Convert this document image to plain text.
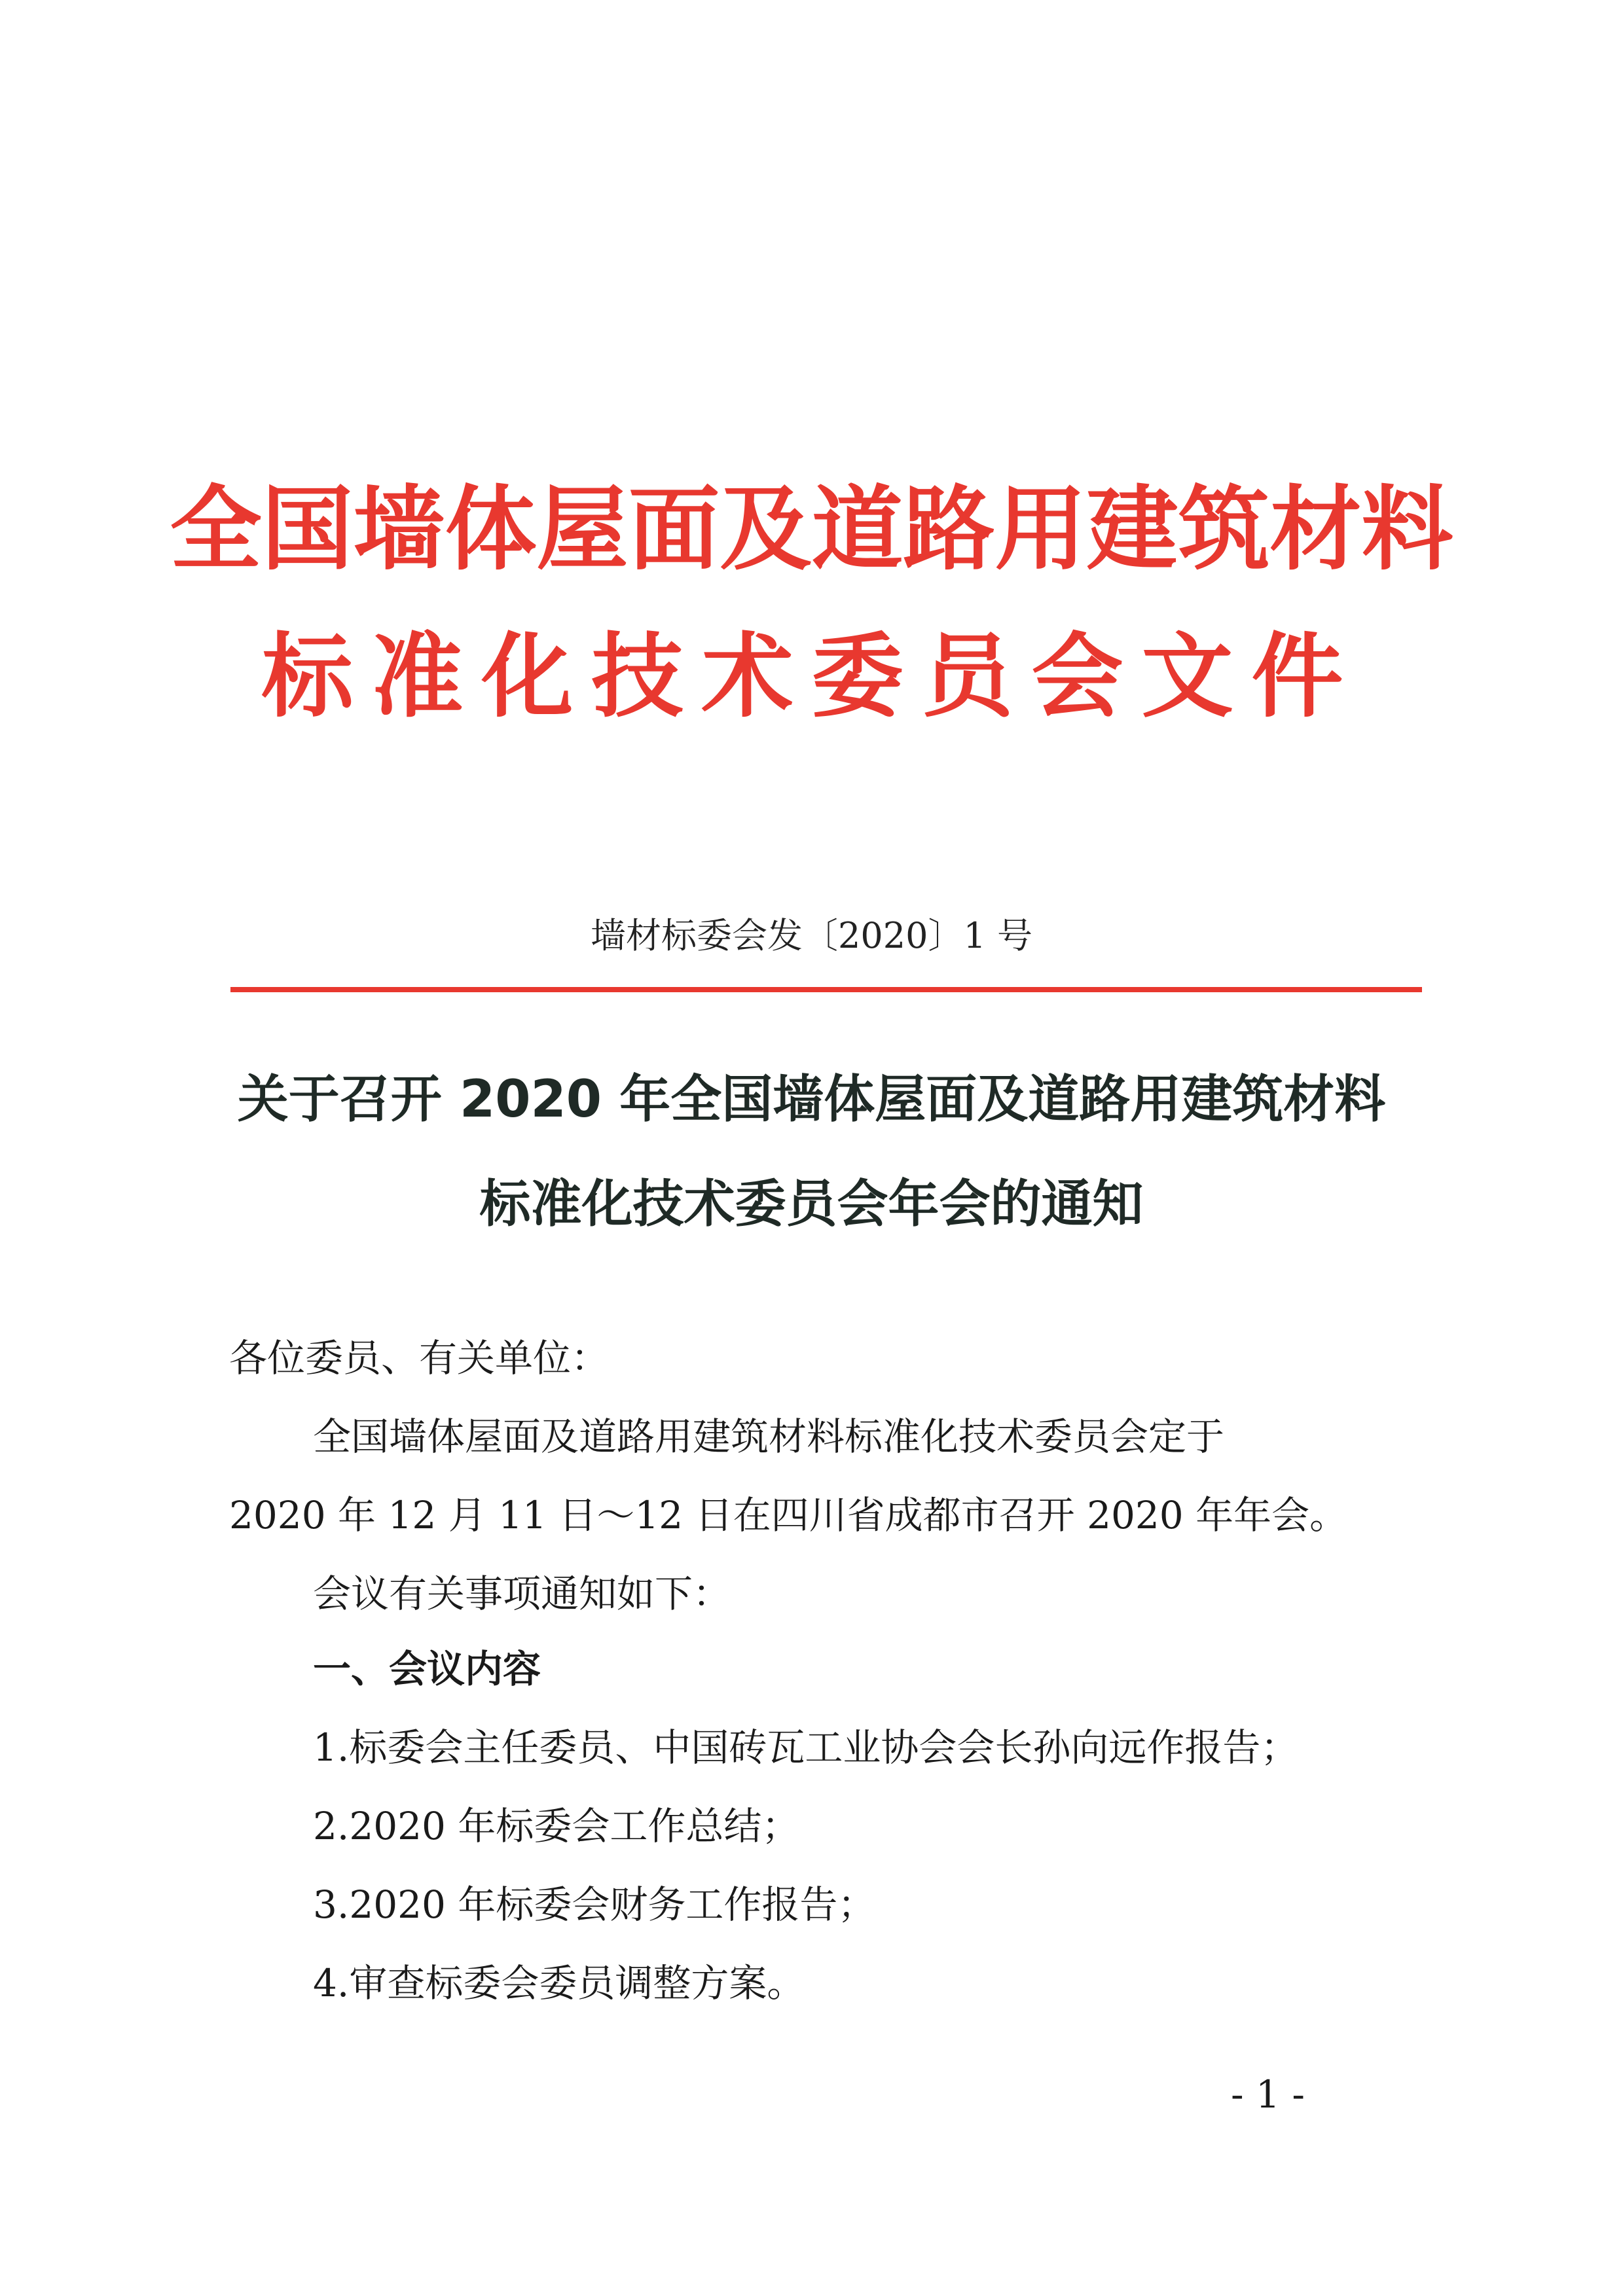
全国墙体屋面及道路用建筑材料
标准化技术委员会文件
墙材标委会发〔2020〕1 号
关于召开 2020 年全国墙体屋面及道路用建筑材料
标准化技术委员会年会的通知
各位委员、有关单位：
全国墙体屋面及道路用建筑材料标准化技术委员会定于
2020 年 12 月 11 日～12 日在四川省成都市召开 2020 年年会。
会议有关事项通知如下：
一、会议内容
1.标委会主任委员、中国砖瓦工业协会会长孙向远作报告；
2.2020 年标委会工作总结；
3.2020 年标委会财务工作报告；
4.审查标委会委员调整方案。
- 1 -
